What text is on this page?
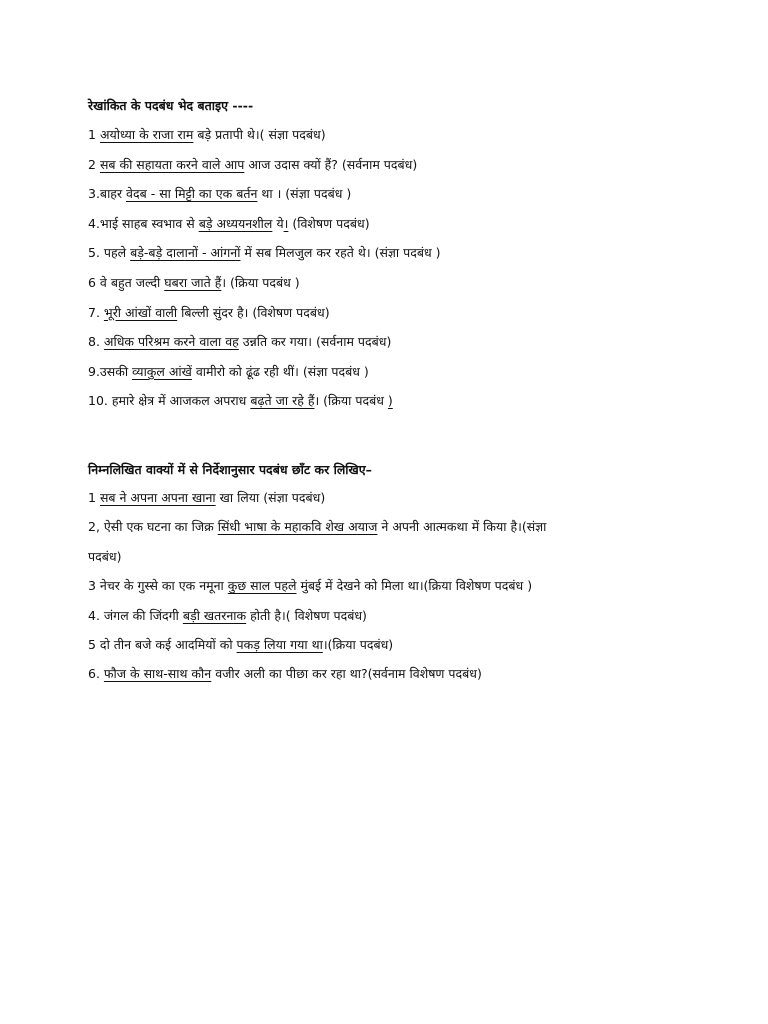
रेखांकित के पदबंध भेद बताइए ----
1 अयोध्या के राजा राम बड़े प्रतापी थे।( संज्ञा पदबंध)
2 सब की सहायता करने वाले आप आज उदास क्यों हैं? (सर्वनाम पदबंध)
3.बाहर वेदब - सा मिट्टी का एक बर्तन था । (संज्ञा पदबंध )
4.भाई साहब स्वभाव से बड़े अध्ययनशील ये। (विशेषण पदबंध)
5. पहले बड़े-बड़े दालानों - आंगनों में सब मिलजुल कर रहते थे। (संज्ञा पदबंध )
6 वे बहुत जल्दी घबरा जाते हैं। (क्रिया पदबंध )
7. भूरी आंखों वाली बिल्ली सुंदर है। (विशेषण पदबंध)
8. अधिक परिश्रम करने वाला वह उन्नति कर गया। (सर्वनाम पदबंध)
9.उसकी व्याकुल आंखें वामीरो को ढूंढ रही थीं। (संज्ञा पदबंध )
10. हमारे क्षेत्र में आजकल अपराध बढ़ते जा रहे हैं। (क्रिया पदबंध )
निम्नलिखित वाक्यों में से निर्देशानुसार पदबंध छाँट कर लिखिए–
1 सब ने अपना अपना खाना खा लिया (संज्ञा पदबंध)
2, ऐसी एक घटना का जिक्र सिंधी भाषा के महाकवि शेख अयाज ने अपनी आत्मकथा में किया है।(संज्ञा
पदबंध)
3 नेचर के गुस्से का एक नमूना कुछ साल पहले मुंबई में देखने को मिला था।(क्रिया विशेषण पदबंध )
4. जंगल की जिंदगी बड़ी खतरनाक होती है।( विशेषण पदबंध)
5 दो तीन बजे कई आदमियों को पकड़ लिया गया था।(क्रिया पदबंध)
6. फौज के साथ-साथ कौन वजीर अली का पीछा कर रहा था?(सर्वनाम विशेषण पदबंध)
